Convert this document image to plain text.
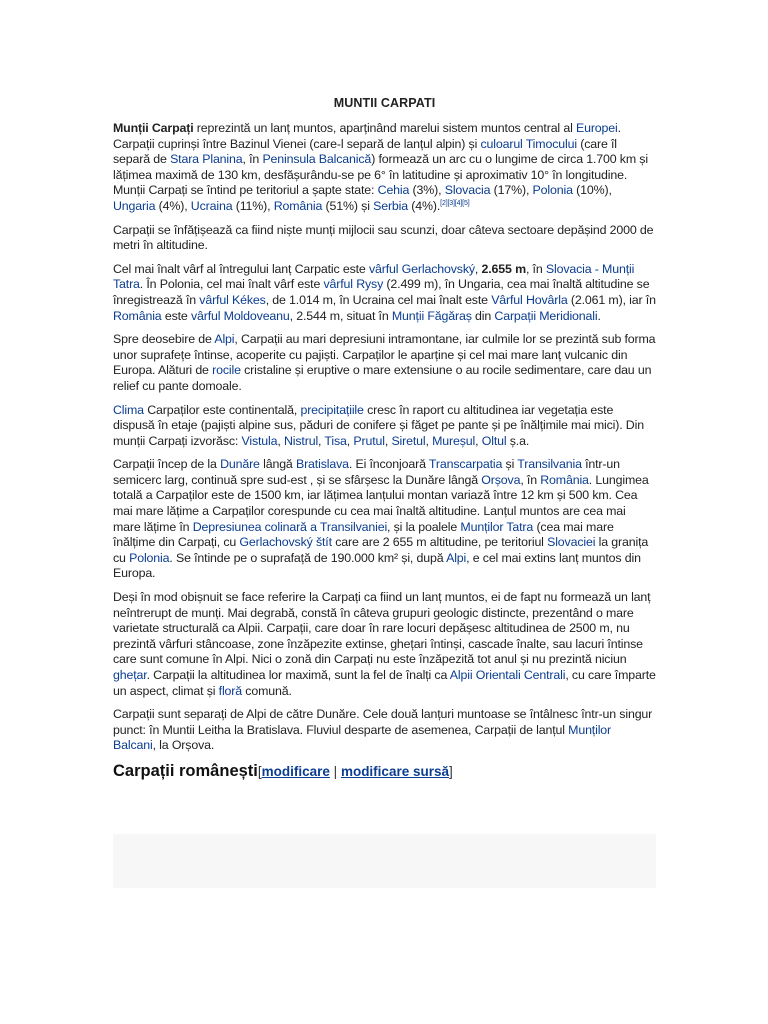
MUNTII CARPATI

Munții Carpați reprezintă un lanț muntos, aparținând marelui sistem muntos central al Europei. Carpații cuprinși între Bazinul Vienei (care-l separă de lanțul alpin) și culoarul Timocului (care îl separă de Stara Planina, în Peninsula Balcanică) formează un arc cu o lungime de circa 1.700 km și lățimea maximă de 130 km, desfășurându-se pe 6° în latitudine și aproximativ 10° în longitudine. Munții Carpați se întind pe teritoriul a șapte state: Cehia (3%), Slovacia (17%), Polonia (10%), Ungaria (4%), Ucraina (11%), România (51%) și Serbia (4%).[2][3][4][5]

Carpații se înfățișează ca fiind niște munți mijlocii sau scunzi, doar câteva sectoare depășind 2000 de metri în altitudine.

Cel mai înalt vârf al întregului lanț Carpatic este vârful Gerlachovský, 2.655 m, în Slovacia - Munții Tatra. În Polonia, cel mai înalt vârf este vârful Rysy (2.499 m), în Ungaria, cea mai înaltă altitudine se înregistrează în vârful Kékes, de 1.014 m, în Ucraina cel mai înalt este Vârful Hovârla (2.061 m), iar în România este vârful Moldoveanu, 2.544 m, situat în Munții Făgăraș din Carpații Meridionali.

Spre deosebire de Alpi, Carpații au mari depresiuni intramontane, iar culmile lor se prezintă sub forma unor suprafețe întinse, acoperite cu pajiști. Carpaților le aparține și cel mai mare lanț vulcanic din Europa. Alături de rocile cristaline și eruptive o mare extensiune o au rocile sedimentare, care dau un relief cu pante domoale.

Clima Carpaților este continentală, precipitațiile cresc în raport cu altitudinea iar vegetația este dispusă în etaje (pajiști alpine sus, păduri de conifere și făget pe pante și pe înălțimile mai mici). Din munții Carpați izvorăsc: Vistula, Nistrul, Tisa, Prutul, Siretul, Mureșul, Oltul ș.a.

Carpații încep de la Dunăre lângă Bratislava. Ei înconjoară Transcarpatia și Transilvania într-un semicerc larg, continuă spre sud-est , și se sfârșesc la Dunăre lângă Orșova, în România. Lungimea totală a Carpaților este de 1500 km, iar lățimea lanțului montan variază între 12 km și 500 km. Cea mai mare lățime a Carpaților corespunde cu cea mai înaltă altitudine. Lanțul muntos are cea mai mare lățime în Depresiunea colinară a Transilvaniei, și la poalele Munților Tatra (cea mai mare înălțime din Carpați, cu Gerlachovský štít care are 2 655 m altitudine, pe teritoriul Slovaciei la granița cu Polonia. Se întinde pe o suprafață de 190.000 km² și, după Alpi, e cel mai extins lanț muntos din Europa.

Deși în mod obișnuit se face referire la Carpați ca fiind un lanț muntos, ei de fapt nu formează un lanț neîntrerupt de munți. Mai degrabă, constă în câteva grupuri geologic distincte, prezentând o mare varietate structurală ca Alpii. Carpații, care doar în rare locuri depășesc altitudinea de 2500 m, nu prezintă vârfuri stâncoase, zone înzăpezite extinse, ghețari întinși, cascade înalte, sau lacuri întinse care sunt comune în Alpi. Nici o zonă din Carpați nu este înzăpezită tot anul și nu prezintă niciun ghețar. Carpații la altitudinea lor maximă, sunt la fel de înalți ca Alpii Orientali Centrali, cu care împarte un aspect, climat și floră comună.

Carpații sunt separați de Alpi de către Dunăre. Cele două lanțuri muntoase se întâlnesc într-un singur punct: în Muntii Leitha la Bratislava. Fluviul desparte de asemenea, Carpații de lanțul Munților Balcani, la Orșova.

Carpații românești[modificare | modificare sursă]
